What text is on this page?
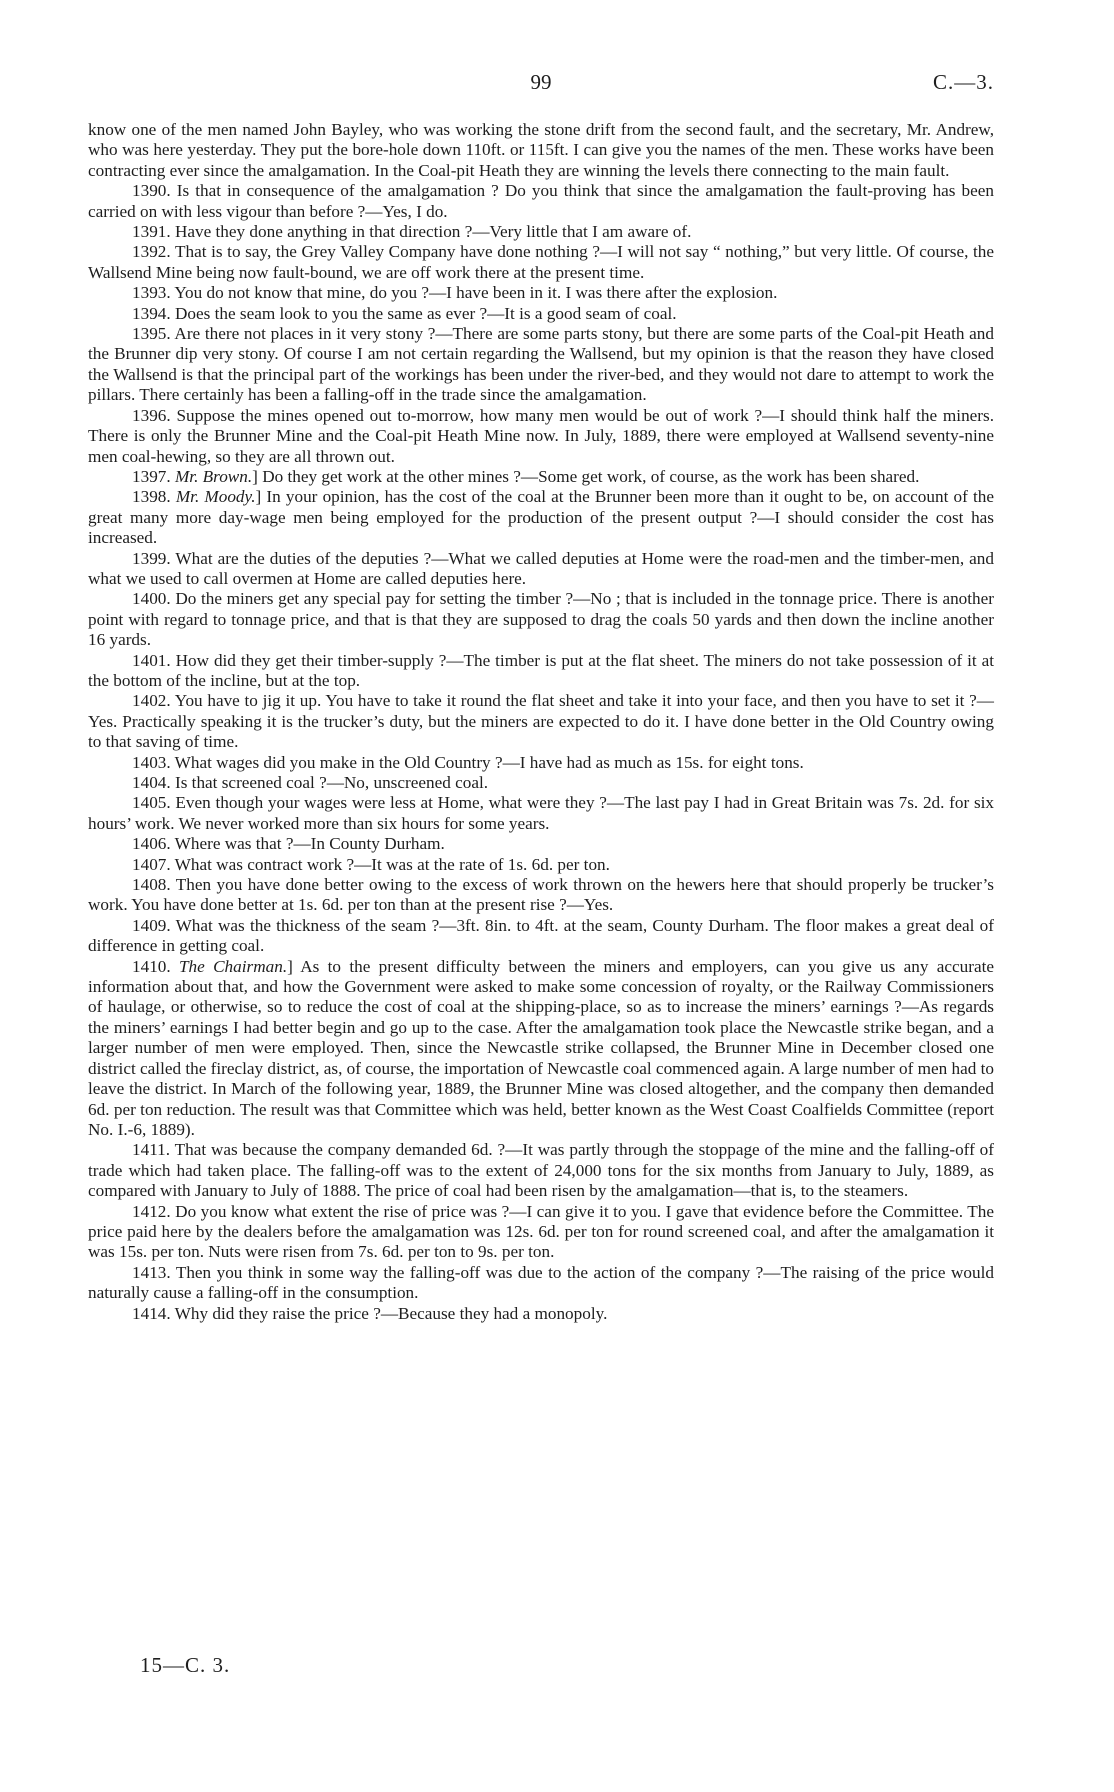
99	C.—3.

know one of the men named John Bayley, who was working the stone drift from the second fault, and the secretary, Mr. Andrew, who was here yesterday. They put the bore-hole down 110ft. or 115ft. I can give you the names of the men. These works have been contracting ever since the amalgamation. In the Coal-pit Heath they are winning the levels there connecting to the main fault.

1390. Is that in consequence of the amalgamation ? Do you think that since the amalgamation the fault-proving has been carried on with less vigour than before ?—Yes, I do.

1391. Have they done anything in that direction ?—Very little that I am aware of.

1392. That is to say, the Grey Valley Company have done nothing ?—I will not say “ nothing,” but very little. Of course, the Wallsend Mine being now fault-bound, we are off work there at the present time.

1393. You do not know that mine, do you ?—I have been in it. I was there after the explosion.

1394. Does the seam look to you the same as ever ?—It is a good seam of coal.

1395. Are there not places in it very stony ?—There are some parts stony, but there are some parts of the Coal-pit Heath and the Brunner dip very stony. Of course I am not certain regarding the Wallsend, but my opinion is that the reason they have closed the Wallsend is that the principal part of the workings has been under the river-bed, and they would not dare to attempt to work the pillars. There certainly has been a falling-off in the trade since the amalgamation.

1396. Suppose the mines opened out to-morrow, how many men would be out of work ?—I should think half the miners. There is only the Brunner Mine and the Coal-pit Heath Mine now. In July, 1889, there were employed at Wallsend seventy-nine men coal-hewing, so they are all thrown out.

1397. Mr. Brown.] Do they get work at the other mines ?—Some get work, of course, as the work has been shared.

1398. Mr. Moody.] In your opinion, has the cost of the coal at the Brunner been more than it ought to be, on account of the great many more day-wage men being employed for the production of the present output ?—I should consider the cost has increased.

1399. What are the duties of the deputies ?—What we called deputies at Home were the road-men and the timber-men, and what we used to call overmen at Home are called deputies here.

1400. Do the miners get any special pay for setting the timber ?—No ; that is included in the tonnage price. There is another point with regard to tonnage price, and that is that they are supposed to drag the coals 50 yards and then down the incline another 16 yards.

1401. How did they get their timber-supply ?—The timber is put at the flat sheet. The miners do not take possession of it at the bottom of the incline, but at the top.

1402. You have to jig it up. You have to take it round the flat sheet and take it into your face, and then you have to set it ?—Yes. Practically speaking it is the trucker’s duty, but the miners are expected to do it. I have done better in the Old Country owing to that saving of time.

1403. What wages did you make in the Old Country ?—I have had as much as 15s. for eight tons.

1404. Is that screened coal ?—No, unscreened coal.

1405. Even though your wages were less at Home, what were they ?—The last pay I had in Great Britain was 7s. 2d. for six hours’ work. We never worked more than six hours for some years.

1406. Where was that ?—In County Durham.

1407. What was contract work ?—It was at the rate of 1s. 6d. per ton.

1408. Then you have done better owing to the excess of work thrown on the hewers here that should properly be trucker’s work. You have done better at 1s. 6d. per ton than at the present rise ?—Yes.

1409. What was the thickness of the seam ?—3ft. 8in. to 4ft. at the seam, County Durham. The floor makes a great deal of difference in getting coal.

1410. The Chairman.] As to the present difficulty between the miners and employers, can you give us any accurate information about that, and how the Government were asked to make some concession of royalty, or the Railway Commissioners of haulage, or otherwise, so to reduce the cost of coal at the shipping-place, so as to increase the miners’ earnings ?—As regards the miners’ earnings I had better begin and go up to the case. After the amalgamation took place the Newcastle strike began, and a larger number of men were employed. Then, since the Newcastle strike collapsed, the Brunner Mine in December closed one district called the fireclay district, as, of course, the importation of Newcastle coal commenced again. A large number of men had to leave the district. In March of the following year, 1889, the Brunner Mine was closed altogether, and the company then demanded 6d. per ton reduction. The result was that Committee which was held, better known as the West Coast Coalfields Committee (report No. I.-6, 1889).

1411. That was because the company demanded 6d. ?—It was partly through the stoppage of the mine and the falling-off of trade which had taken place. The falling-off was to the extent of 24,000 tons for the six months from January to July, 1889, as compared with January to July of 1888. The price of coal had been risen by the amalgamation—that is, to the steamers.

1412. Do you know what extent the rise of price was ?—I can give it to you. I gave that evidence before the Committee. The price paid here by the dealers before the amalgamation was 12s. 6d. per ton for round screened coal, and after the amalgamation it was 15s. per ton. Nuts were risen from 7s. 6d. per ton to 9s. per ton.

1413. Then you think in some way the falling-off was due to the action of the company ?—The raising of the price would naturally cause a falling-off in the consumption.

1414. Why did they raise the price ?—Because they had a monopoly.

15—C. 3.
